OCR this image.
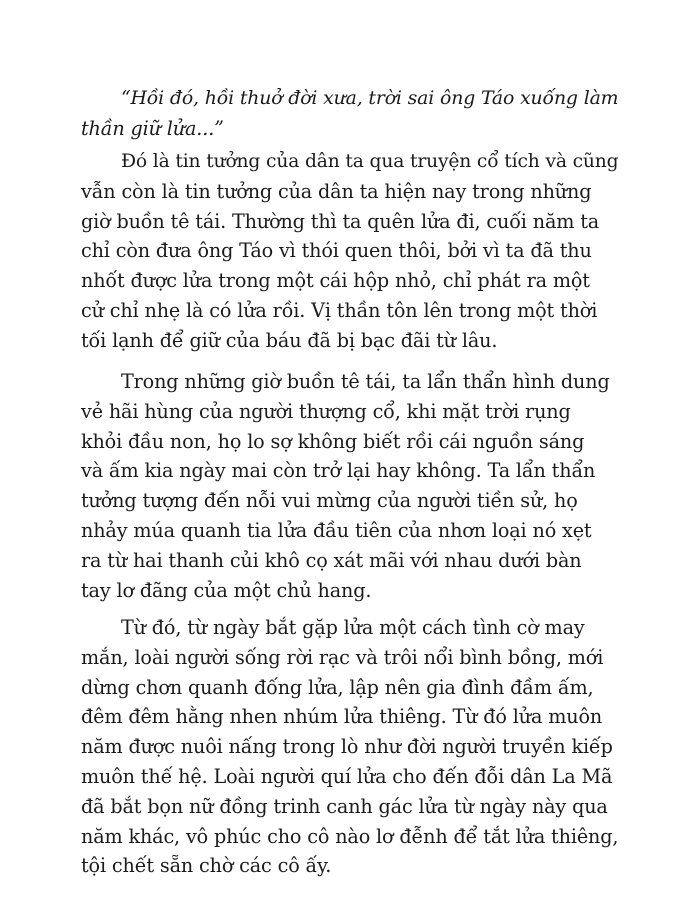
“Hồi đó, hồi thuở đời xưa, trời sai ông Táo xuống làm
thần giữ lửa...”
Đó là tin tưởng của dân ta qua truyện cổ tích và cũng
vẫn còn là tin tưởng của dân ta hiện nay trong những
giờ buồn tê tái. Thường thì ta quên lửa đi, cuối năm ta
chỉ còn đưa ông Táo vì thói quen thôi, bởi vì ta đã thu
nhốt được lửa trong một cái hộp nhỏ, chỉ phát ra một
cử chỉ nhẹ là có lửa rồi. Vị thần tôn lên trong một thời
tối lạnh để giữ của báu đã bị bạc đãi từ lâu.
Trong những giờ buồn tê tái, ta lẩn thẩn hình dung
vẻ hãi hùng của người thượng cổ, khi mặt trời rụng
khỏi đầu non, họ lo sợ không biết rồi cái nguồn sáng
và ấm kia ngày mai còn trở lại hay không. Ta lẩn thẩn
tưởng tượng đến nỗi vui mừng của người tiền sử, họ
nhảy múa quanh tia lửa đầu tiên của nhơn loại nó xẹt
ra từ hai thanh củi khô cọ xát mãi với nhau dưới bàn
tay lơ đãng của một chủ hang.
Từ đó, từ ngày bắt gặp lửa một cách tình cờ may
mắn, loài người sống rời rạc và trôi nổi bình bồng, mới
dừng chơn quanh đống lửa, lập nên gia đình đầm ấm,
đêm đêm hằng nhen nhúm lửa thiêng. Từ đó lửa muôn
năm được nuôi nấng trong lò như đời người truyền kiếp
muôn thế hệ. Loài người quí lửa cho đến đỗi dân La Mã
đã bắt bọn nữ đồng trinh canh gác lửa từ ngày này qua
năm khác, vô phúc cho cô nào lơ đễnh để tắt lửa thiêng,
tội chết sẵn chờ các cô ấy.
